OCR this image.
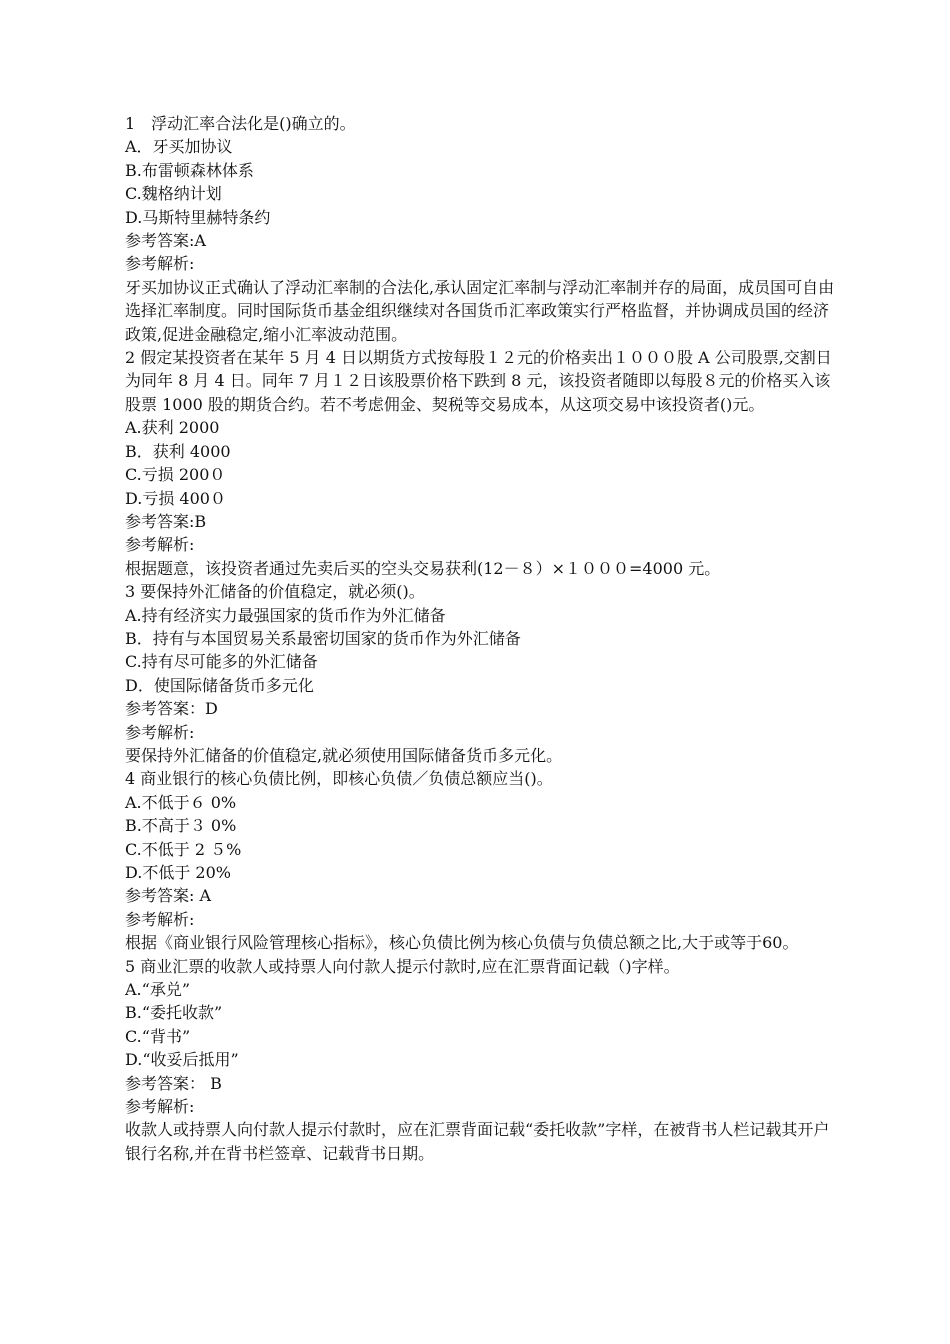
1　浮动汇率合法化是()确立的。
A．牙买加协议
B.布雷顿森林体系
C.魏格纳计划
D.马斯特里赫特条约
参考答案:A
参考解析:
牙买加协议正式确认了浮动汇率制的合法化,承认固定汇率制与浮动汇率制并存的局面，成员国可自由选择汇率制度。同时国际货币基金组织继续对各国货币汇率政策实行严格监督，并协调成员国的经济政策,促进金融稳定,缩小汇率波动范围。
2 假定某投资者在某年 5 月 4 日以期货方式按每股１２元的价格卖出１０００股 A 公司股票,交割日为同年 8 月 4 日。同年 7 月１２日该股票价格下跌到 8 元，该投资者随即以每股８元的价格买入该股票 1000 股的期货合约。若不考虑佣金、契税等交易成本，从这项交易中该投资者()元。
A.获利 2000
B．获利 4000
C.亏损 200０
D.亏损 400０
参考答案:B
参考解析:
根据题意，该投资者通过先卖后买的空头交易获利(12－８）×１０００=4000 元。
3 要保持外汇储备的价值稳定，就必须()。
A.持有经济实力最强国家的货币作为外汇储备
B．持有与本国贸易关系最密切国家的货币作为外汇储备
C.持有尽可能多的外汇储备
D．使国际储备货币多元化
参考答案：D
参考解析:
要保持外汇储备的价值稳定,就必须使用国际储备货币多元化。
4 商业银行的核心负债比例，即核心负债／负债总额应当()。
A.不低于６ 0%
B.不高于３ 0%
C.不低于 2 ５%
D.不低于 20%
参考答案: A
参考解析:
根据《商业银行风险管理核心指标》，核心负债比例为核心负债与负债总额之比,大于或等于60。
5 商业汇票的收款人或持票人向付款人提示付款时,应在汇票背面记载（)字样。
A.“承兑”
B.“委托收款”
C.“背书”
D.“收妥后抵用”
参考答案： B
参考解析:
收款人或持票人向付款人提示付款时，应在汇票背面记载“委托收款”字样，在被背书人栏记载其开户银行名称,并在背书栏签章、记载背书日期。
